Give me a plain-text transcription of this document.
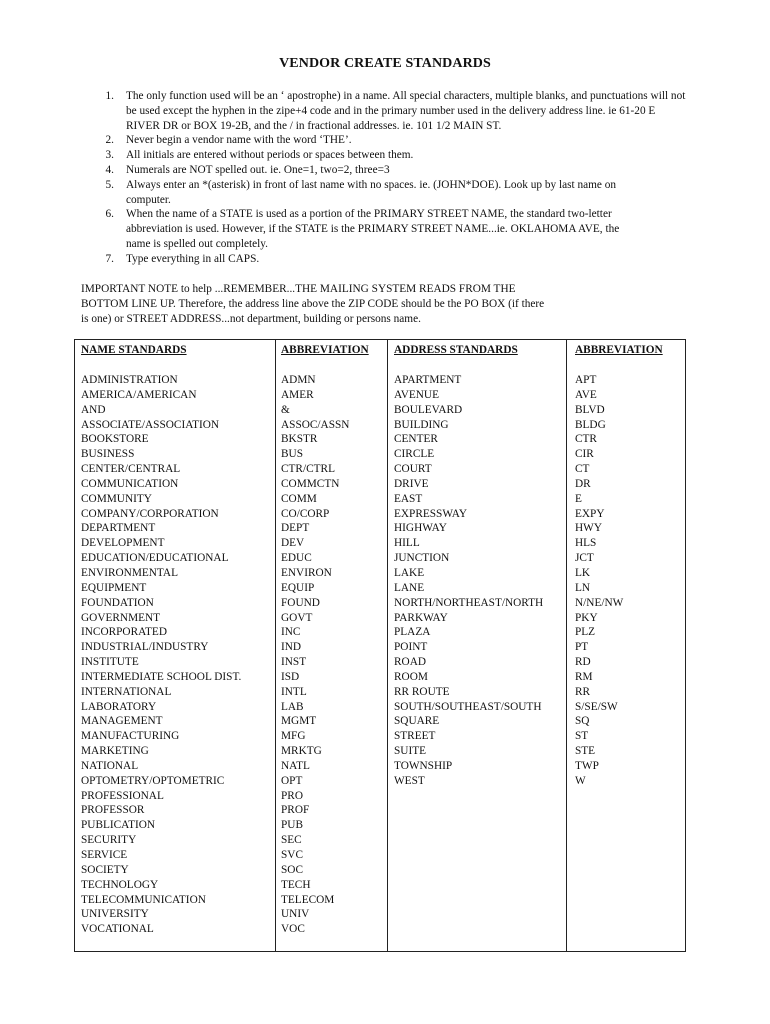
VENDOR CREATE STANDARDS
1. The only function used will be an ‘ apostrophe) in a name. All special characters, multiple blanks, and punctuations will not
be used except the hyphen in the zipe+4 code and in the primary number used in the delivery address line. ie 61-20 E
RIVER DR or BOX 19-2B, and the / in fractional addresses. ie. 101 1/2 MAIN ST.
2. Never begin a vendor name with the word ‘THE’.
3. All initials are entered without periods or spaces between them.
4. Numerals are NOT spelled out. ie. One=1, two=2, three=3
5. Always enter an *(asterisk) in front of last name with no spaces. ie. (JOHN*DOE). Look up by last name on
computer.
6. When the name of a STATE is used as a portion of the PRIMARY STREET NAME, the standard two-letter
abbreviation is used. However, if the STATE is the PRIMARY STREET NAME...ie. OKLAHOMA AVE, the
name is spelled out completely.
7. Type everything in all CAPS.
IMPORTANT NOTE to help ...REMEMBER...THE MAILING SYSTEM READS FROM THE
BOTTOM LINE UP. Therefore, the address line above the ZIP CODE should be the PO BOX (if there
is one) or STREET ADDRESS...not department, building or persons name.
NAME STANDARDS
ADMINISTRATION
AMERICA/AMERICAN
AND
ASSOCIATE/ASSOCIATION
BOOKSTORE
BUSINESS
CENTER/CENTRAL
COMMUNICATION
COMMUNITY
COMPANY/CORPORATION
DEPARTMENT
DEVELOPMENT
EDUCATION/EDUCATIONAL
ENVIRONMENTAL
EQUIPMENT
FOUNDATION
GOVERNMENT
INCORPORATED
INDUSTRIAL/INDUSTRY
INSTITUTE
INTERMEDIATE SCHOOL DIST.
INTERNATIONAL
LABORATORY
MANAGEMENT
MANUFACTURING
MARKETING
NATIONAL
OPTOMETRY/OPTOMETRIC
PROFESSIONAL
PROFESSOR
PUBLICATION
SECURITY
SERVICE
SOCIETY
TECHNOLOGY
TELECOMMUNICATION
UNIVERSITY
VOCATIONAL
ABBREVIATION
ADMN
AMER
&
ASSOC/ASSN
BKSTR
BUS
CTR/CTRL
COMMCTN
COMM
CO/CORP
DEPT
DEV
EDUC
ENVIRON
EQUIP
FOUND
GOVT
INC
IND
INST
ISD
INTL
LAB
MGMT
MFG
MRKTG
NATL
OPT
PRO
PROF
PUB
SEC
SVC
SOC
TECH
TELECOM
UNIV
VOC
ADDRESS STANDARDS
APARTMENT
AVENUE
BOULEVARD
BUILDING
CENTER
CIRCLE
COURT
DRIVE
EAST
EXPRESSWAY
HIGHWAY
HILL
JUNCTION
LAKE
LANE
NORTH/NORTHEAST/NORTH
PARKWAY
PLAZA
POINT
ROAD
ROOM
RR ROUTE
SOUTH/SOUTHEAST/SOUTH
SQUARE
STREET
SUITE
TOWNSHIP
WEST
ABBREVIATION
APT
AVE
BLVD
BLDG
CTR
CIR
CT
DR
E
EXPY
HWY
HLS
JCT
LK
LN
N/NE/NW
PKY
PLZ
PT
RD
RM
RR
S/SE/SW
SQ
ST
STE
TWP
W
